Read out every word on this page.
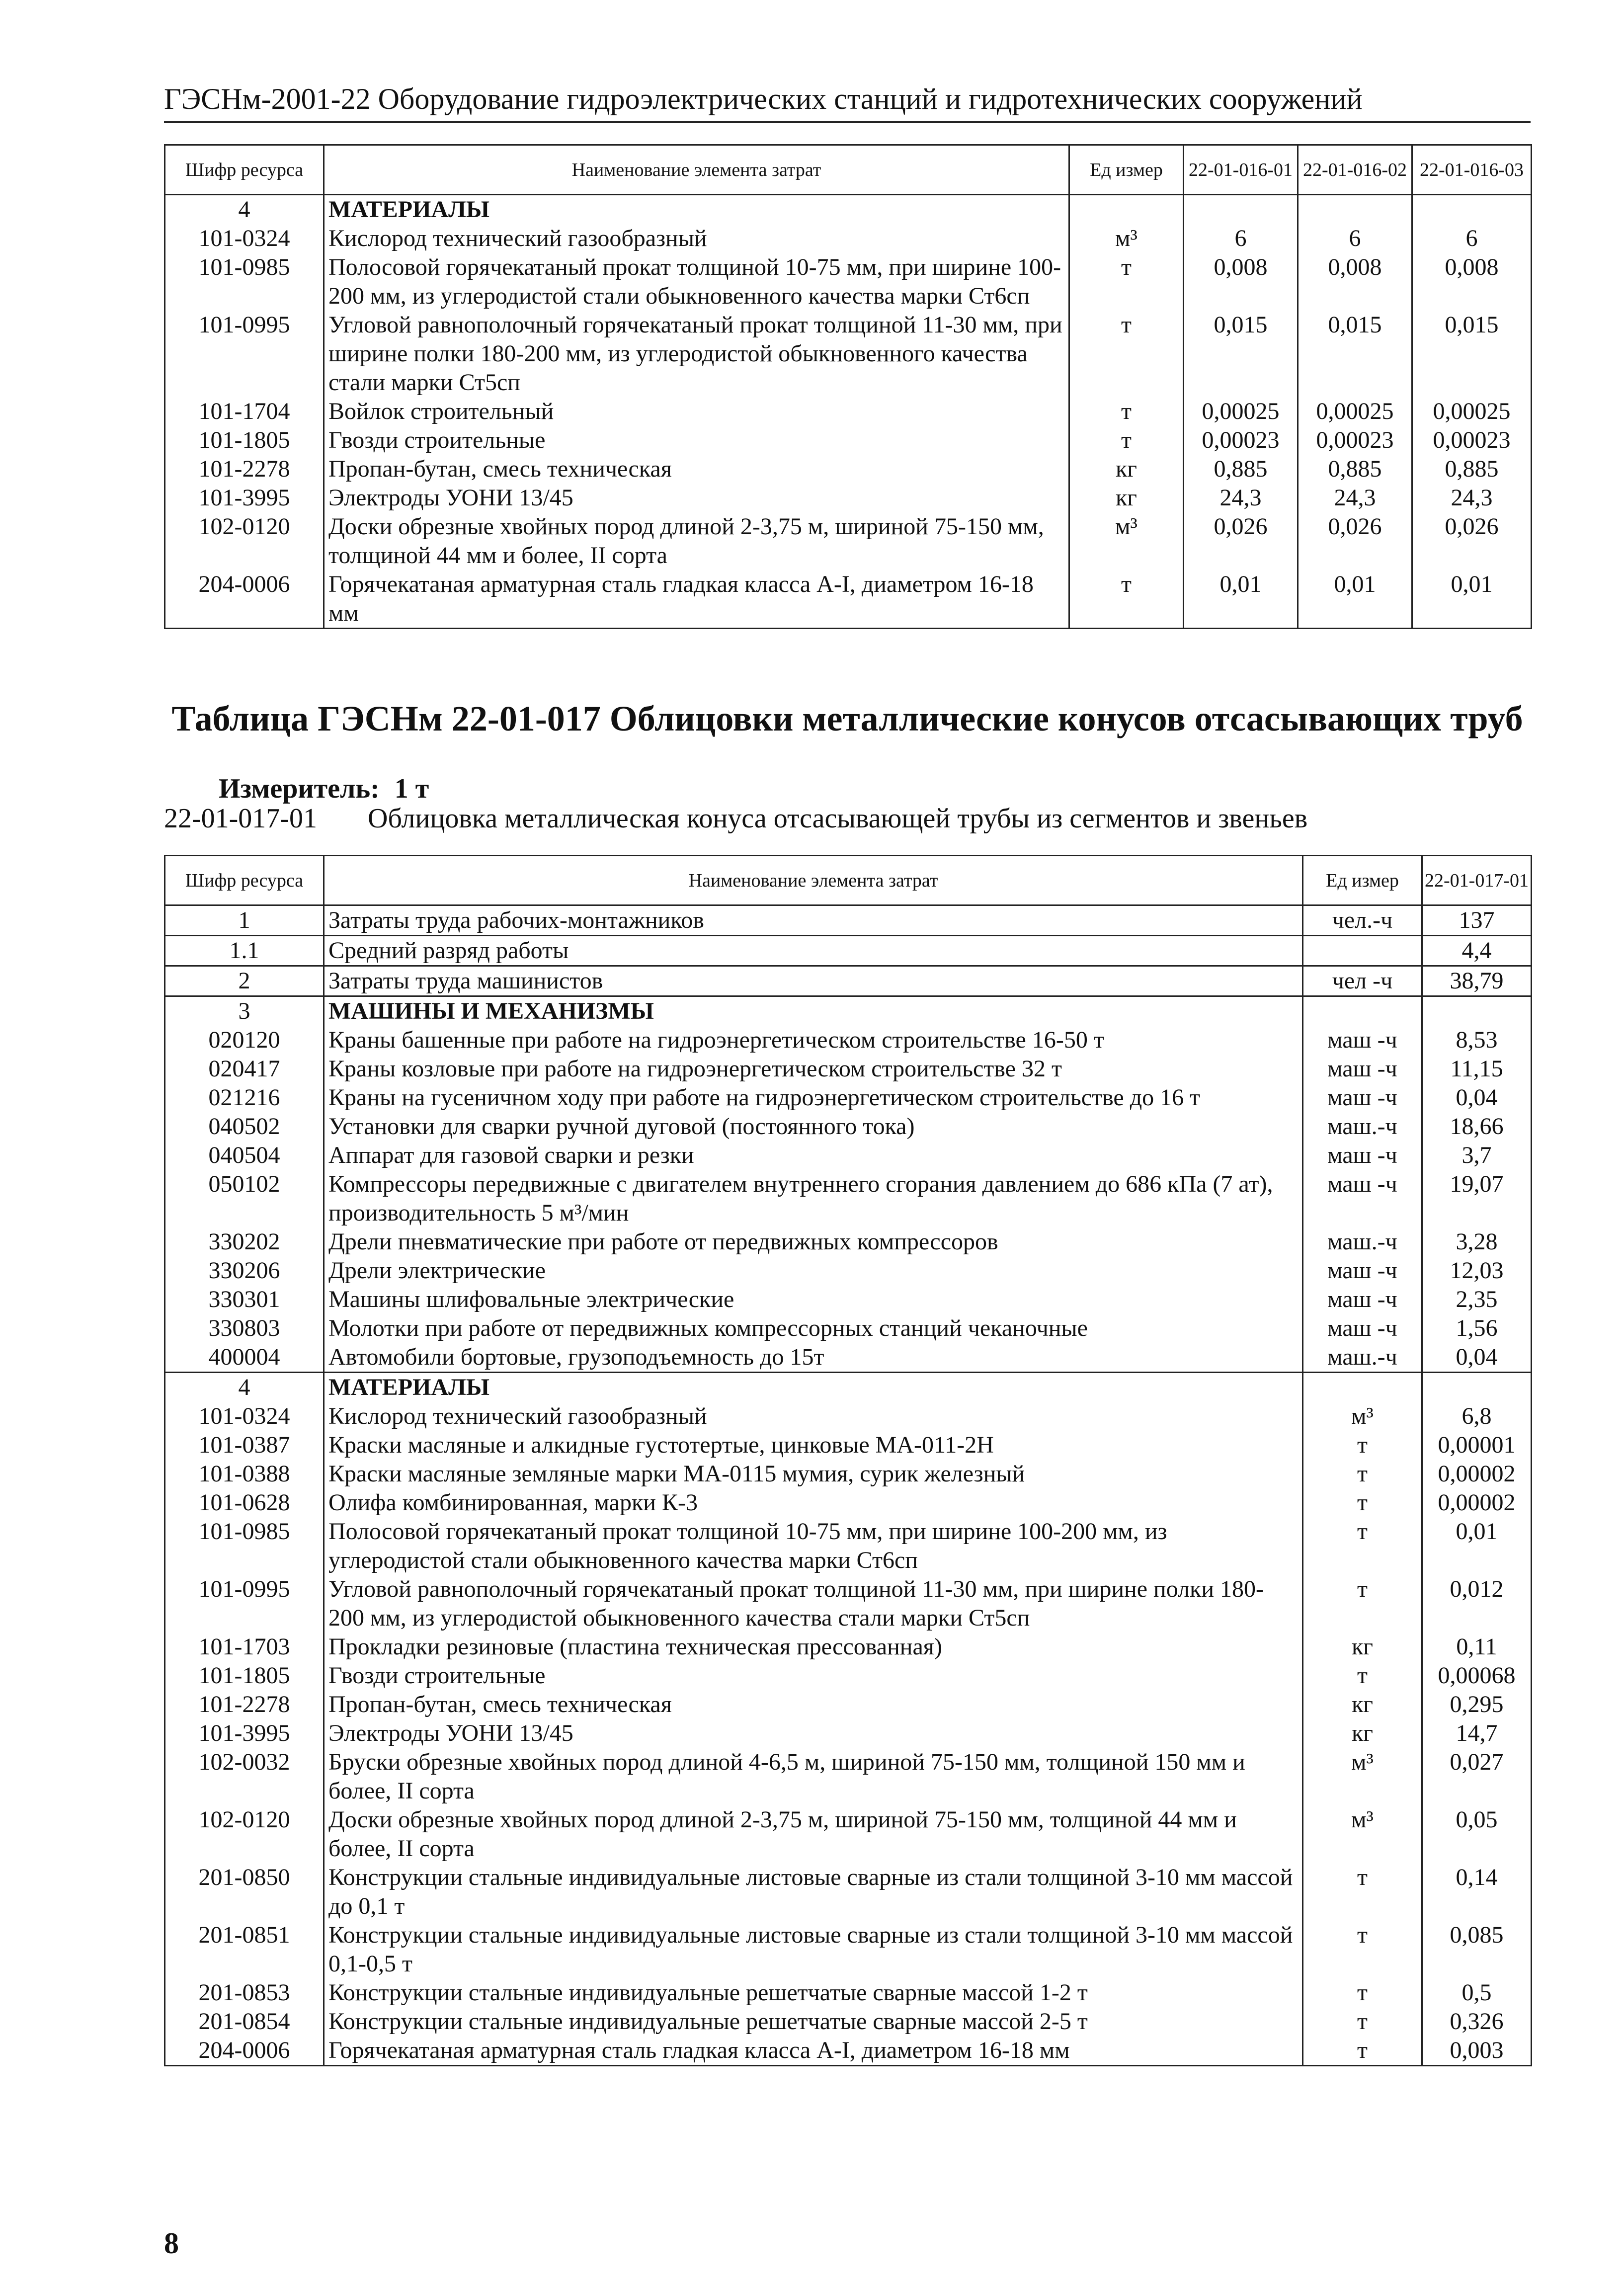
ГЭСНм-2001-22 Оборудование гидроэлектрических станций и гидротехнических сооружений
Шифр ресурса	Наименование элемента затрат	Ед измер	22-01-016-01	22-01-016-02	22-01-016-03
4	МАТЕРИАЛЫ				
101-0324	Кислород технический газообразный	м³	6	6	6
101-0985	Полосовой горячекатаный прокат толщиной 10-75 мм, при ширине 100-200 мм, из углеродистой стали обыкновенного качества марки Ст6сп	т	0,008	0,008	0,008
101-0995	Угловой равнополочный горячекатаный прокат толщиной 11-30 мм, при ширине полки 180-200 мм, из углеродистой обыкновенного качества стали марки Ст5сп	т	0,015	0,015	0,015
101-1704	Войлок строительный	т	0,00025	0,00025	0,00025
101-1805	Гвозди строительные	т	0,00023	0,00023	0,00023
101-2278	Пропан-бутан, смесь техническая	кг	0,885	0,885	0,885
101-3995	Электроды УОНИ 13/45	кг	24,3	24,3	24,3
102-0120	Доски обрезные хвойных пород длиной 2-3,75 м, шириной 75-150 мм, толщиной 44 мм и более, II сорта	м³	0,026	0,026	0,026
204-0006	Горячекатаная арматурная сталь гладкая класса А-I, диаметром 16-18 мм	т	0,01	0,01	0,01
Таблица ГЭСНм 22-01-017 Облицовки металлические конусов отсасывающих труб
Измеритель: 1 т
22-01-017-01 Облицовка металлическая конуса отсасывающей трубы из сегментов и звеньев
Шифр ресурса	Наименование элемента затрат	Ед измер	22-01-017-01
1	Затраты труда рабочих-монтажников	чел.-ч	137
1.1	Средний разряд работы		4,4
2	Затраты труда машинистов	чел -ч	38,79
3	МАШИНЫ И МЕХАНИЗМЫ		
020120	Краны башенные при работе на гидроэнергетическом строительстве 16-50 т	маш -ч	8,53
020417	Краны козловые при работе на гидроэнергетическом строительстве 32 т	маш -ч	11,15
021216	Краны на гусеничном ходу при работе на гидроэнергетическом строительстве до 16 т	маш -ч	0,04
040502	Установки для сварки ручной дуговой (постоянного тока)	маш.-ч	18,66
040504	Аппарат для газовой сварки и резки	маш -ч	3,7
050102	Компрессоры передвижные с двигателем внутреннего сгорания давлением до 686 кПа (7 ат), производительность 5 м³/мин	маш -ч	19,07
330202	Дрели пневматические при работе от передвижных компрессоров	маш.-ч	3,28
330206	Дрели электрические	маш -ч	12,03
330301	Машины шлифовальные электрические	маш -ч	2,35
330803	Молотки при работе от передвижных компрессорных станций чеканочные	маш -ч	1,56
400004	Автомобили бортовые, грузоподъемность до 15т	маш.-ч	0,04
4	МАТЕРИАЛЫ		
101-0324	Кислород технический газообразный	м³	6,8
101-0387	Краски масляные и алкидные густотертые, цинковые МА-011-2Н	т	0,00001
101-0388	Краски масляные земляные марки МА-0115 мумия, сурик железный	т	0,00002
101-0628	Олифа комбинированная, марки К-3	т	0,00002
101-0985	Полосовой горячекатаный прокат толщиной 10-75 мм, при ширине 100-200 мм, из углеродистой стали обыкновенного качества марки Ст6сп	т	0,01
101-0995	Угловой равнополочный горячекатаный прокат толщиной 11-30 мм, при ширине полки 180-200 мм, из углеродистой обыкновенного качества стали марки Ст5сп	т	0,012
101-1703	Прокладки резиновые (пластина техническая прессованная)	кг	0,11
101-1805	Гвозди строительные	т	0,00068
101-2278	Пропан-бутан, смесь техническая	кг	0,295
101-3995	Электроды УОНИ 13/45	кг	14,7
102-0032	Бруски обрезные хвойных пород длиной 4-6,5 м, шириной 75-150 мм, толщиной 150 мм и более, II сорта	м³	0,027
102-0120	Доски обрезные хвойных пород длиной 2-3,75 м, шириной 75-150 мм, толщиной 44 мм и более, II сорта	м³	0,05
201-0850	Конструкции стальные индивидуальные листовые сварные из стали толщиной 3-10 мм массой до 0,1 т	т	0,14
201-0851	Конструкции стальные индивидуальные листовые сварные из стали толщиной 3-10 мм массой 0,1-0,5 т	т	0,085
201-0853	Конструкции стальные индивидуальные решетчатые сварные массой 1-2 т	т	0,5
201-0854	Конструкции стальные индивидуальные решетчатые сварные массой 2-5 т	т	0,326
204-0006	Горячекатаная арматурная сталь гладкая класса А-I, диаметром 16-18 мм	т	0,003
8
